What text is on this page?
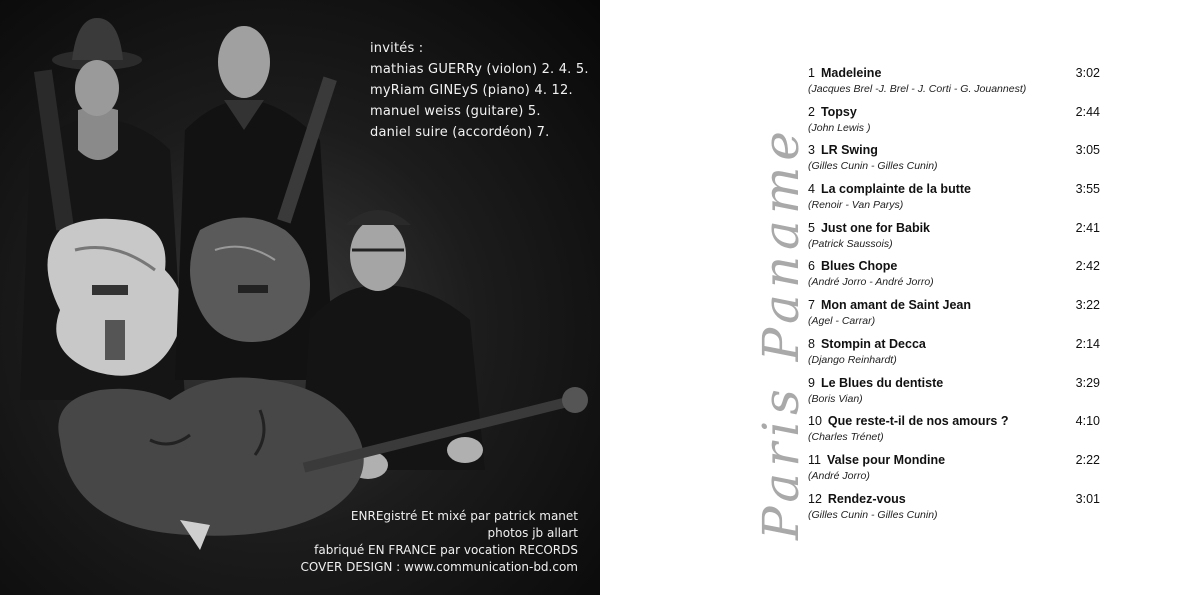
invités :
mathias GUERRy (violon) 2. 4. 5.
myRiam GINEyS (piano) 4. 12.
manuel weiss (guitare) 5.
daniel suire (accordéon) 7.
ENREgistré Et mixé par patrick manet
photos jb allart
fabriqué EN FRANCE par vocation RECORDS
COVER DESIGN : www.communication-bd.com
Paris Paname
1 Madeleine
(Jacques Brel -J. Brel - J. Corti - G. Jouannest)
3:02
2 Topsy
(John Lewis )
2:44
3 LR Swing
(Gilles Cunin - Gilles Cunin)
3:05
4 La complainte de la butte
(Renoir - Van Parys)
3:55
5 Just one for Babik
(Patrick Saussois)
2:41
6 Blues Chope
(André Jorro - André Jorro)
2:42
7 Mon amant de Saint Jean
(Agel - Carrar)
3:22
8 Stompin at Decca
(Django Reinhardt)
2:14
9 Le Blues du dentiste
(Boris Vian)
3:29
10 Que reste-t-il de nos amours ?
(Charles Trénet)
4:10
11 Valse pour Mondine
(André Jorro)
2:22
12 Rendez-vous
(Gilles Cunin - Gilles Cunin)
3:01
